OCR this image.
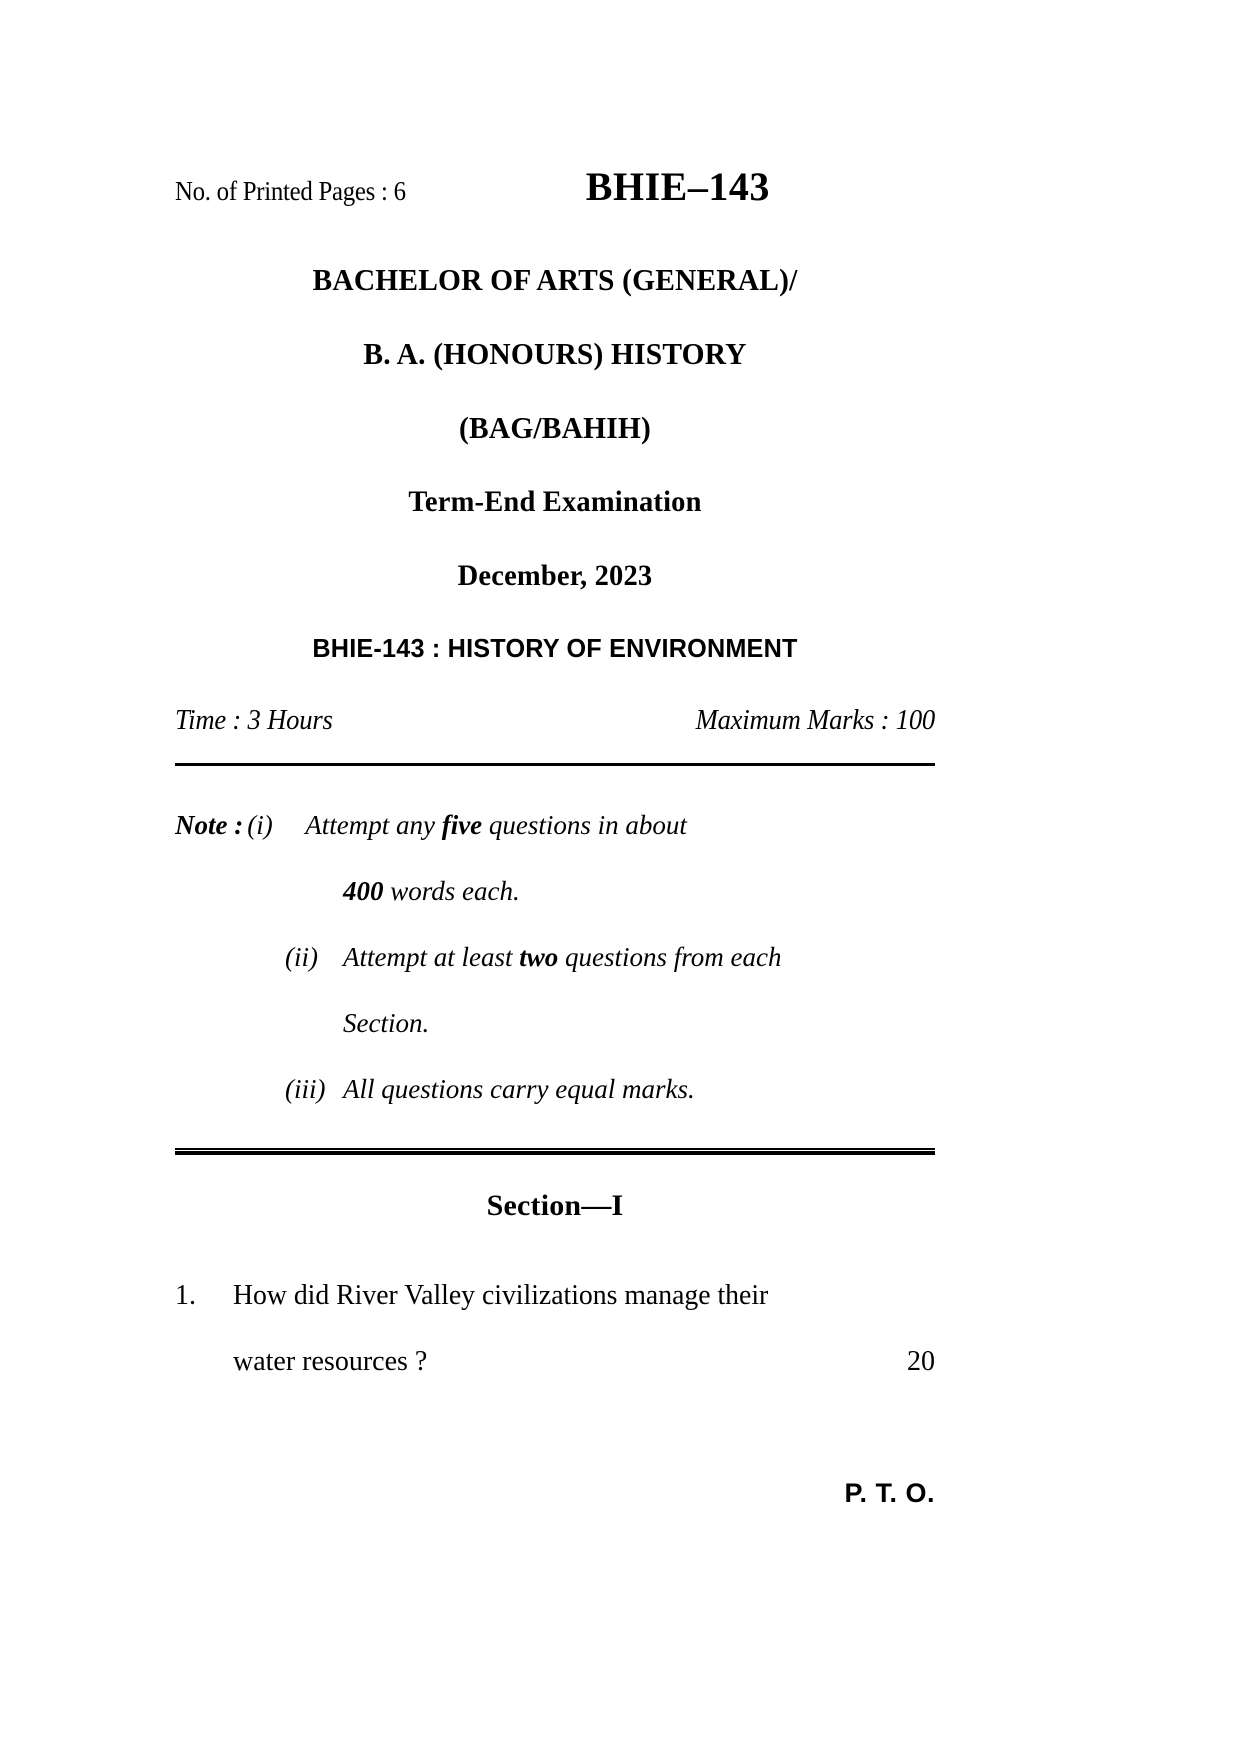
No. of Printed Pages : 6	BHIE–143
BACHELOR OF ARTS (GENERAL)/
B. A. (HONOURS) HISTORY
(BAG/BAHIH)
Term-End Examination
December, 2023
BHIE-143 : HISTORY OF ENVIRONMENT
Time : 3 Hours	Maximum Marks : 100
Note : (i)	Attempt any five questions in about
400 words each.
(ii) Attempt at least two questions from each
Section.
(iii) All questions carry equal marks.
Section—I
1.	How did River Valley civilizations manage their
water resources ?	20
P. T. O.
